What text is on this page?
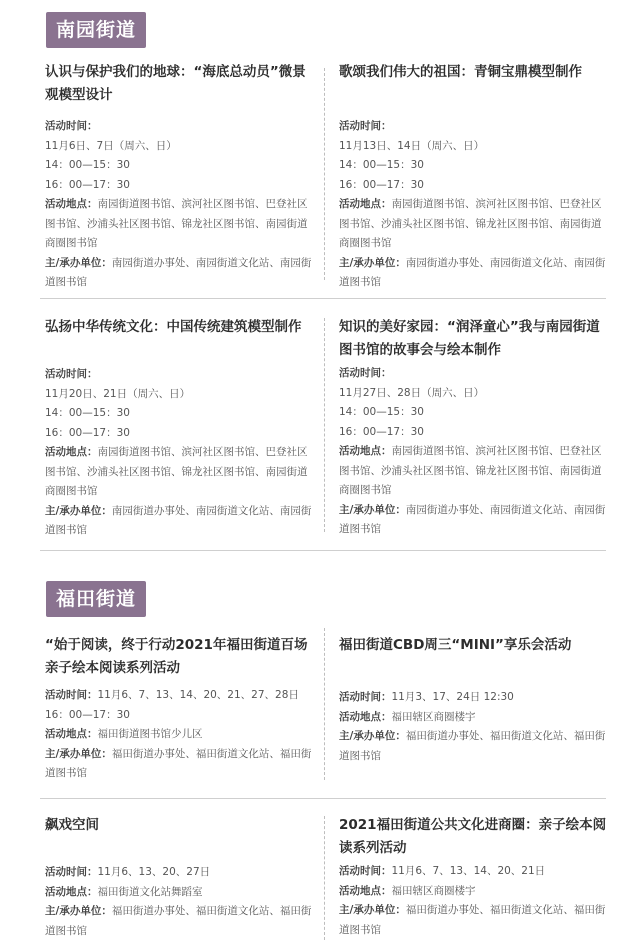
南园街道
认识与保护我们的地球：“海底总动员”微景观模型设计
活动时间：
11月6日、7日（周六、日）
14：00—15：30
16：00—17：30
活动地点：南园街道图书馆、滨河社区图书馆、巴登社区图书馆、沙浦头社区图书馆、锦龙社区图书馆、南园街道商圈图书馆
主/承办单位：南园街道办事处、南园街道文化站、南园街道图书馆
歌颂我们伟大的祖国：青铜宝鼎模型制作
活动时间：
11月13日、14日（周六、日）
14：00—15：30
16：00—17：30
活动地点：南园街道图书馆、滨河社区图书馆、巴登社区图书馆、沙浦头社区图书馆、锦龙社区图书馆、南园街道商圈图书馆
主/承办单位：南园街道办事处、南园街道文化站、南园街道图书馆
弘扬中华传统文化：中国传统建筑模型制作
活动时间：
11月20日、21日（周六、日）
14：00—15：30
16：00—17：30
活动地点：南园街道图书馆、滨河社区图书馆、巴登社区图书馆、沙浦头社区图书馆、锦龙社区图书馆、南园街道商圈图书馆
主/承办单位：南园街道办事处、南园街道文化站、南园街道图书馆
知识的美好家园：“润泽童心”我与南园街道图书馆的故事会与绘本制作
活动时间：
11月27日、28日（周六、日）
14：00—15：30
16：00—17：30
活动地点：南园街道图书馆、滨河社区图书馆、巴登社区图书馆、沙浦头社区图书馆、锦龙社区图书馆、南园街道商圈图书馆
主/承办单位：南园街道办事处、南园街道文化站、南园街道图书馆
福田街道
“始于阅读，终于行动2021年福田街道百场亲子绘本阅读系列活动
活动时间：11月6、7、13、14、20、21、27、28日
16：00—17：30
活动地点：福田街道图书馆少儿区
主/承办单位：福田街道办事处、福田街道文化站、福田街道图书馆
福田街道CBD周三“MINI”享乐会活动
活动时间：11月3、17、24日 12:30
活动地点：福田辖区商圈楼宇
主/承办单位：福田街道办事处、福田街道文化站、福田街道图书馆
飙戏空间
活动时间：11月6、13、20、27日
活动地点：福田街道文化站舞蹈室
主/承办单位：福田街道办事处、福田街道文化站、福田街道图书馆
2021福田街道公共文化进商圈：亲子绘本阅读系列活动
活动时间：11月6、7、13、14、20、21日
活动地点：福田辖区商圈楼宇
主/承办单位：福田街道办事处、福田街道文化站、福田街道图书馆
